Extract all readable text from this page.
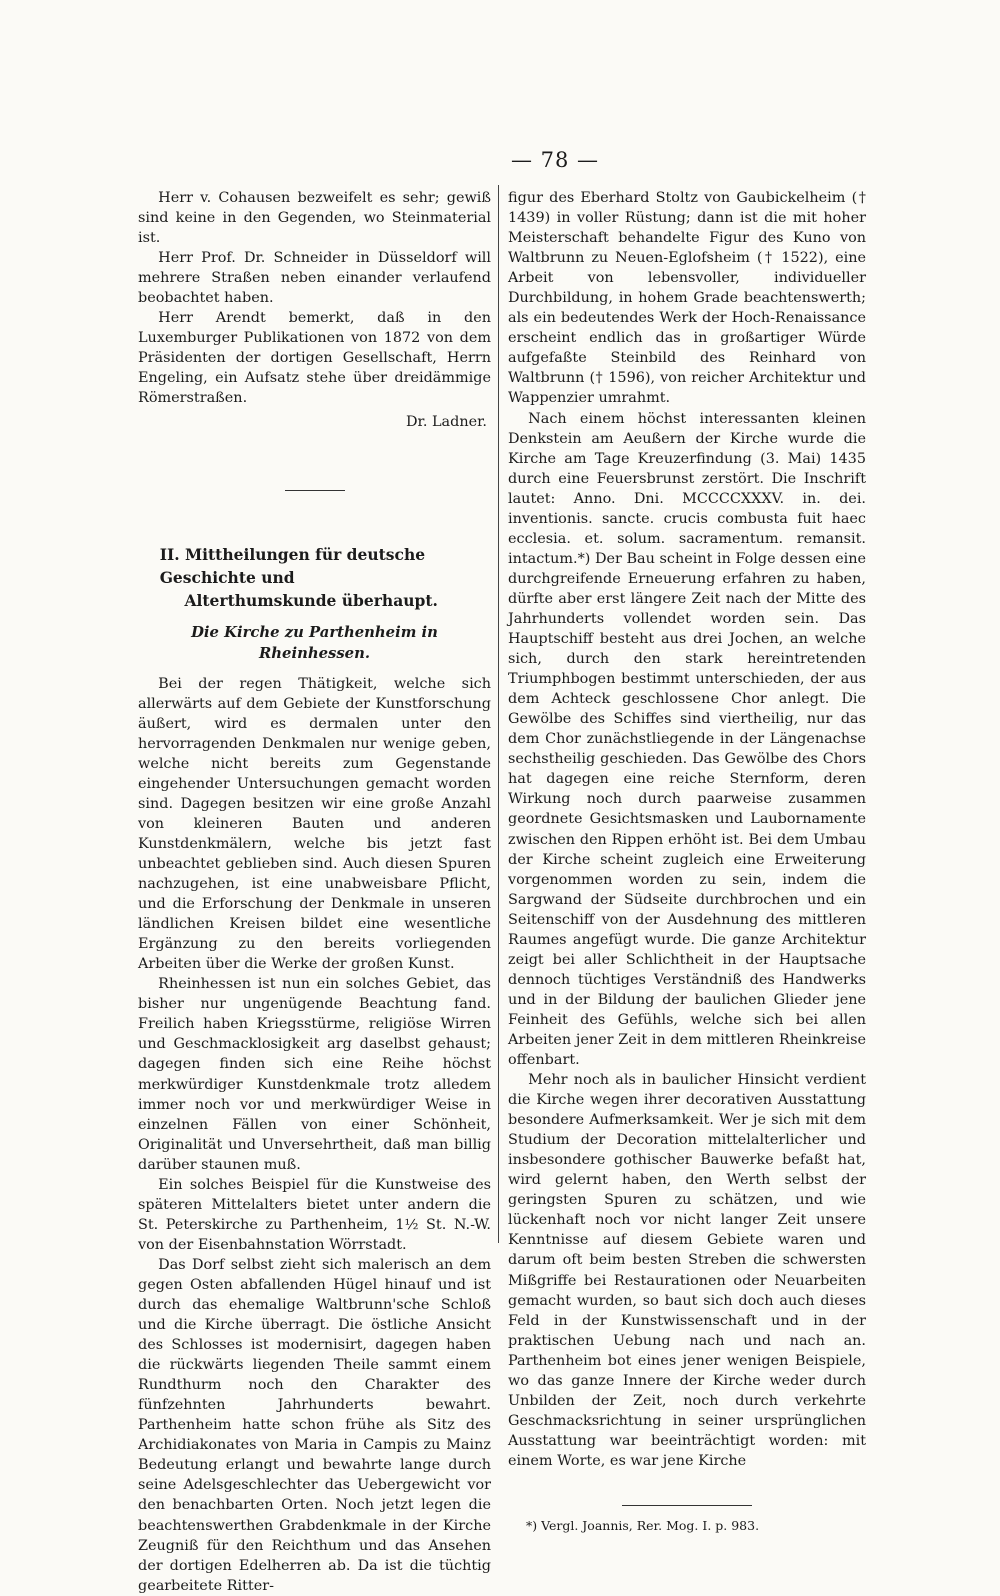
— 78 —

Herr v. Cohausen bezweifelt es sehr; gewiß sind keine in den Gegenden, wo Steinmaterial ist.

Herr Prof. Dr. Schneider in Düsseldorf will mehrere Straßen neben einander verlaufend beobachtet haben.

Herr Arendt bemerkt, daß in den Luxemburger Publikationen von 1872 von dem Präsidenten der dortigen Gesellschaft, Herrn Engeling, ein Aufsatz stehe über dreidämmige Römerstraßen.

Dr. Ladner.

II. Mittheilungen für deutsche Geschichte und
Alterthumskunde überhaupt.
Die Kirche zu Parthenheim in Rheinhessen.

Bei der regen Thätigkeit, welche sich allerwärts auf dem Gebiete der Kunstforschung äußert, wird es dermalen unter den hervorragenden Denkmalen nur wenige geben, welche nicht bereits zum Gegenstande eingehender Untersuchungen gemacht worden sind. Dagegen besitzen wir eine große Anzahl von kleineren Bauten und anderen Kunstdenkmälern, welche bis jetzt fast unbeachtet geblieben sind. Auch diesen Spuren nachzugehen, ist eine unabweisbare Pflicht, und die Erforschung der Denkmale in unseren ländlichen Kreisen bildet eine wesentliche Ergänzung zu den bereits vorliegenden Arbeiten über die Werke der großen Kunst.

Rheinhessen ist nun ein solches Gebiet, das bisher nur ungenügende Beachtung fand. Freilich haben Kriegsstürme, religiöse Wirren und Geschmacklosigkeit arg daselbst gehaust; dagegen finden sich eine Reihe höchst merkwürdiger Kunstdenkmale trotz alledem immer noch vor und merkwürdiger Weise in einzelnen Fällen von einer Schönheit, Originalität und Unversehrtheit, daß man billig darüber staunen muß.

Ein solches Beispiel für die Kunstweise des späteren Mittelalters bietet unter andern die St. Peterskirche zu Parthenheim, 1½ St. N.-W. von der Eisenbahnstation Wörrstadt.

Das Dorf selbst zieht sich malerisch an dem gegen Osten abfallenden Hügel hinauf und ist durch das ehemalige Waltbrunn'sche Schloß und die Kirche überragt. Die östliche Ansicht des Schlosses ist modernisirt, dagegen haben die rückwärts liegenden Theile sammt einem Rundthurm noch den Charakter des fünfzehnten Jahrhunderts bewahrt. Parthenheim hatte schon frühe als Sitz des Archidiakonates von Maria in Campis zu Mainz Bedeutung erlangt und bewahrte lange durch seine Adelsgeschlechter das Uebergewicht vor den benachbarten Orten. Noch jetzt legen die beachtenswerthen Grabdenkmale in der Kirche Zeugniß für den Reichthum und das Ansehen der dortigen Edelherren ab. Da ist die tüchtig gearbeitete Ritter-

figur des Eberhard Stoltz von Gaubickelheim († 1439) in voller Rüstung; dann ist die mit hoher Meisterschaft behandelte Figur des Kuno von Waltbrunn zu Neuen-Eglofsheim († 1522), eine Arbeit von lebensvoller, individueller Durchbildung, in hohem Grade beachtenswerth; als ein bedeutendes Werk der Hoch-Renaissance erscheint endlich das in großartiger Würde aufgefaßte Steinbild des Reinhard von Waltbrunn († 1596), von reicher Architektur und Wappenzier umrahmt.

Nach einem höchst interessanten kleinen Denkstein am Aeußern der Kirche wurde die Kirche am Tage Kreuzerfindung (3. Mai) 1435 durch eine Feuersbrunst zerstört. Die Inschrift lautet: Anno. Dni. MCCCCXXXV. in. dei. inventionis. sancte. crucis combusta fuit haec ecclesia. et. solum. sacramentum. remansit. intactum.*) Der Bau scheint in Folge dessen eine durchgreifende Erneuerung erfahren zu haben, dürfte aber erst längere Zeit nach der Mitte des Jahrhunderts vollendet worden sein. Das Hauptschiff besteht aus drei Jochen, an welche sich, durch den stark hereintretenden Triumphbogen bestimmt unterschieden, der aus dem Achteck geschlossene Chor anlegt. Die Gewölbe des Schiffes sind viertheilig, nur das dem Chor zunächstliegende in der Längenachse sechstheilig geschieden. Das Gewölbe des Chors hat dagegen eine reiche Sternform, deren Wirkung noch durch paarweise zusammen geordnete Gesichtsmasken und Laubornamente zwischen den Rippen erhöht ist. Bei dem Umbau der Kirche scheint zugleich eine Erweiterung vorgenommen worden zu sein, indem die Sargwand der Südseite durchbrochen und ein Seitenschiff von der Ausdehnung des mittleren Raumes angefügt wurde. Die ganze Architektur zeigt bei aller Schlichtheit in der Hauptsache dennoch tüchtiges Verständniß des Handwerks und in der Bildung der baulichen Glieder jene Feinheit des Gefühls, welche sich bei allen Arbeiten jener Zeit in dem mittleren Rheinkreise offenbart.

Mehr noch als in baulicher Hinsicht verdient die Kirche wegen ihrer decorativen Ausstattung besondere Aufmerksamkeit. Wer je sich mit dem Studium der Decoration mittelalterlicher und insbesondere gothischer Bauwerke befaßt hat, wird gelernt haben, den Werth selbst der geringsten Spuren zu schätzen, und wie lückenhaft noch vor nicht langer Zeit unsere Kenntnisse auf diesem Gebiete waren und darum oft beim besten Streben die schwersten Mißgriffe bei Restaurationen oder Neuarbeiten gemacht wurden, so baut sich doch auch dieses Feld in der Kunstwissenschaft und in der praktischen Uebung nach und nach an. Parthenheim bot eines jener wenigen Beispiele, wo das ganze Innere der Kirche weder durch Unbilden der Zeit, noch durch verkehrte Geschmacksrichtung in seiner ursprünglichen Ausstattung war beeinträchtigt worden: mit einem Worte, es war jene Kirche

*) Vergl. Joannis, Rer. Mog. I. p. 983.
